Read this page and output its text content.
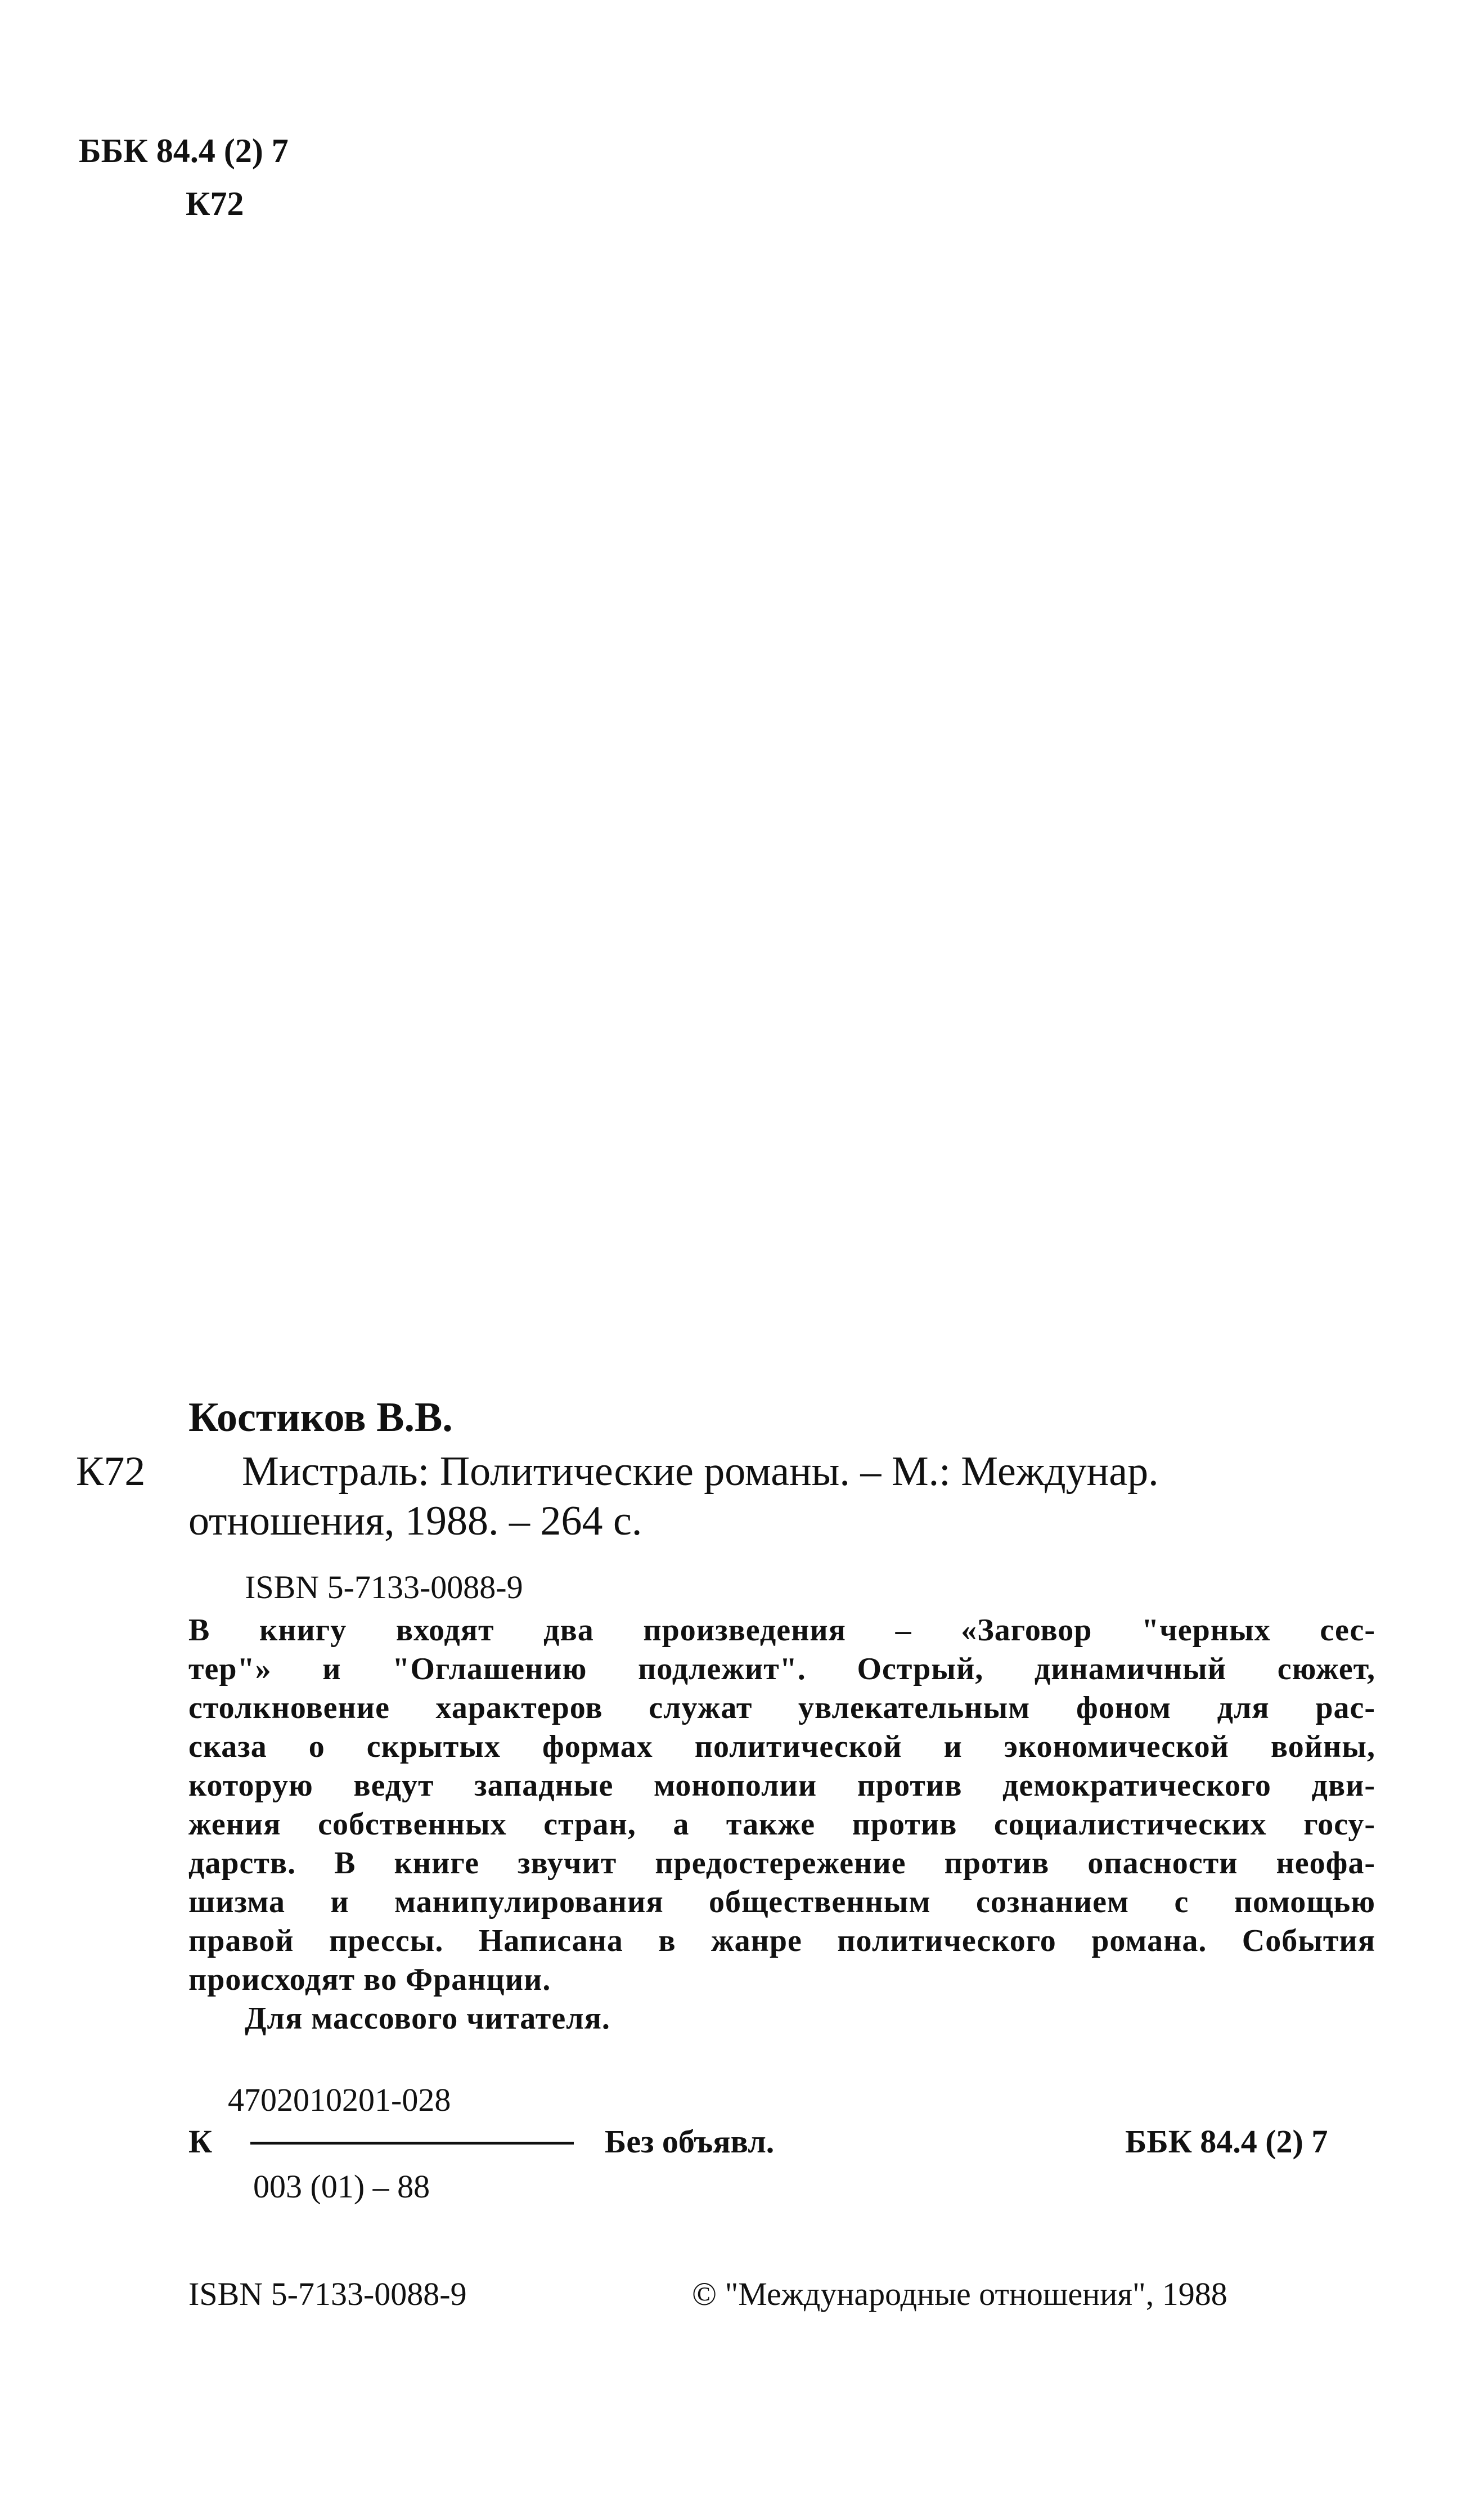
ББК 84.4 (2) 7
К72
Костиков В.В.
К72 Мистраль: Политические романы. – М.: Междунар.
отношения, 1988. – 264 с.
ISBN 5-7133-0088-9
В книгу входят два произведения – «Заговор "черных сес-
тер"» и "Оглашению подлежит". Острый, динамичный сюжет,
столкновение характеров служат увлекательным фоном для рас-
сказа о скрытых формах политической и экономической войны,
которую ведут западные монополии против демократического дви-
жения собственных стран, а также против социалистических госу-
дарств. В книге звучит предостережение против опасности неофа-
шизма и манипулирования общественным сознанием с помощью
правой прессы. Написана в жанре политического романа. События
происходят во Франции.
Для массового читателя.
4702010201-028
К	Без объявл.	ББК 84.4 (2) 7
003 (01) – 88
ISBN 5-7133-0088-9	© "Международные отношения", 1988
